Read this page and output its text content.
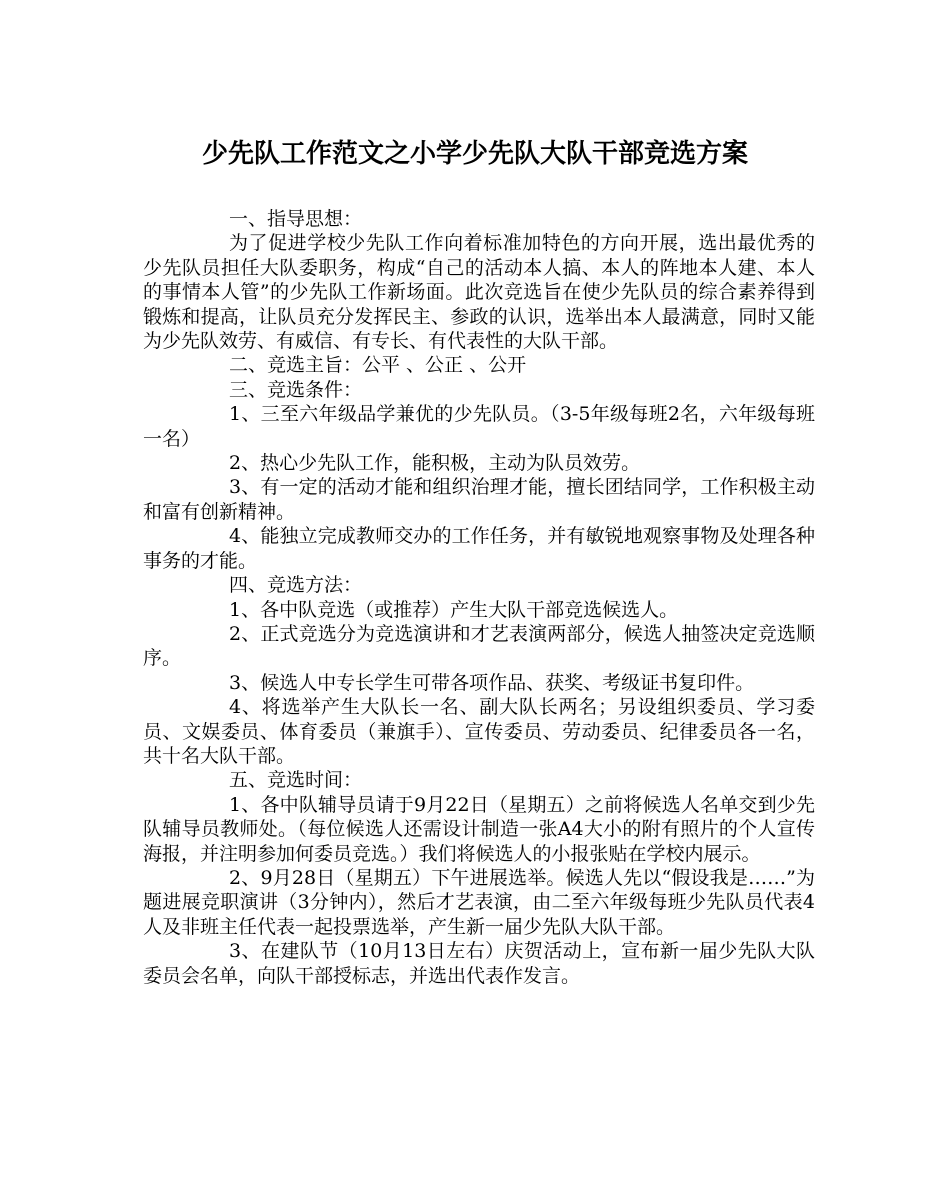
少先队工作范文之小学少先队大队干部竞选方案

一、指导思想：

为了促进学校少先队工作向着标准加特色的方向开展，选出最优秀的少先队员担任大队委职务，构成“自己的活动本人搞、本人的阵地本人建、本人的事情本人管”的少先队工作新场面。此次竞选旨在使少先队员的综合素养得到锻炼和提高，让队员充分发挥民主、参政的认识，选举出本人最满意，同时又能为少先队效劳、有威信、有专长、有代表性的大队干部。

二、竞选主旨：公平 、公正 、公开

三、竞选条件：

1、三至六年级品学兼优的少先队员。（3-5年级每班2名，六年级每班一名）

2、热心少先队工作，能积极，主动为队员效劳。

3、有一定的活动才能和组织治理才能，擅长团结同学，工作积极主动和富有创新精神。

4、能独立完成教师交办的工作任务，并有敏锐地观察事物及处理各种事务的才能。

四、竞选方法：

1、各中队竞选（或推荐）产生大队干部竞选候选人。

2、正式竞选分为竞选演讲和才艺表演两部分，候选人抽签决定竞选顺序。

3、候选人中专长学生可带各项作品、获奖、考级证书复印件。

4、将选举产生大队长一名、副大队长两名；另设组织委员、学习委员、文娱委员、体育委员（兼旗手）、宣传委员、劳动委员、纪律委员各一名，共十名大队干部。

五、竞选时间：

1、各中队辅导员请于9月22日（星期五）之前将候选人名单交到少先队辅导员教师处。（每位候选人还需设计制造一张A4大小的附有照片的个人宣传海报，并注明参加何委员竞选。）我们将候选人的小报张贴在学校内展示。

2、9月28日（星期五）下午进展选举。候选人先以“假设我是……”为题进展竞职演讲（3分钟内），然后才艺表演，由二至六年级每班少先队员代表4人及非班主任代表一起投票选举，产生新一届少先队大队干部。

3、在建队节（10月13日左右）庆贺活动上，宣布新一届少先队大队委员会名单，向队干部授标志，并选出代表作发言。
